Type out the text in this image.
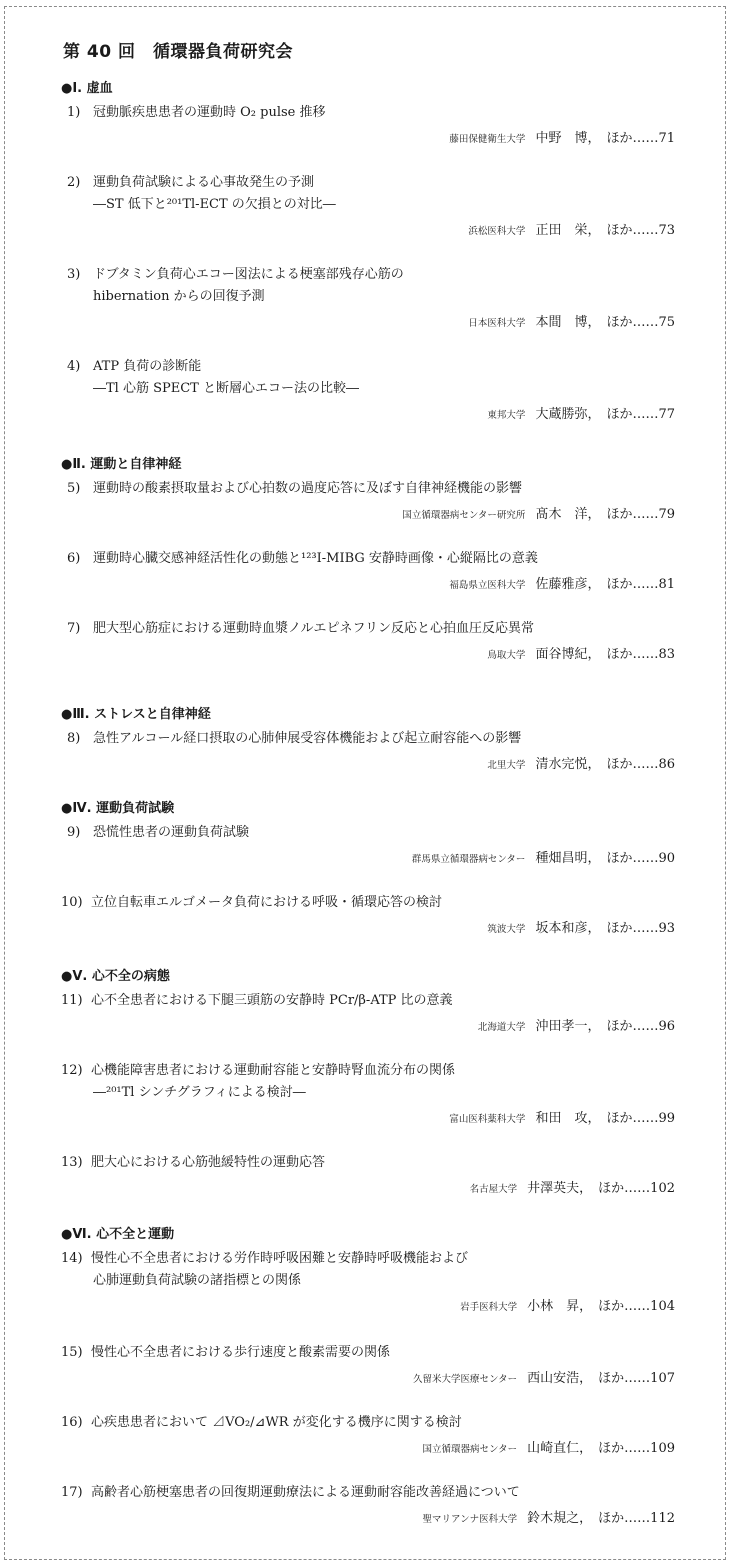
第 40 回　循環器負荷研究会
●Ⅰ. 虚血
1) 冠動脈疾患患者の運動時 O₂ pulse 推移
藤田保健衛生大学 中野　博， ほか……71
2) 運動負荷試験による心事故発生の予測
―ST 低下と²⁰¹Tl-ECT の欠損との対比―
浜松医科大学 正田　栄， ほか……73
3) ドブタミン負荷心エコー図法による梗塞部残存心筋の
hibernation からの回復予測
日本医科大学 本間　博， ほか……75
4) ATP 負荷の診断能
―Tl 心筋 SPECT と断層心エコー法の比較―
東邦大学 大蔵勝弥， ほか……77
●Ⅱ. 運動と自律神経
5) 運動時の酸素摂取量および心拍数の過度応答に及ぼす自律神経機能の影響
国立循環器病センター研究所 髙木　洋， ほか……79
6) 運動時心臓交感神経活性化の動態と¹²³I-MIBG 安静時画像・心縦隔比の意義
福島県立医科大学 佐藤雅彦， ほか……81
7) 肥大型心筋症における運動時血漿ノルエピネフリン反応と心拍血圧反応異常
鳥取大学 面谷博紀， ほか……83
●Ⅲ. ストレスと自律神経
8) 急性アルコール経口摂取の心肺伸展受容体機能および起立耐容能への影響
北里大学 清水完悦， ほか……86
●Ⅳ. 運動負荷試験
9) 恐慌性患者の運動負荷試験
群馬県立循環器病センター 種畑昌明， ほか……90
10) 立位自転車エルゴメータ負荷における呼吸・循環応答の検討
筑波大学 坂本和彦， ほか……93
●Ⅴ. 心不全の病態
11) 心不全患者における下腿三頭筋の安静時 PCr/β-ATP 比の意義
北海道大学 沖田孝一， ほか……96
12) 心機能障害患者における運動耐容能と安静時腎血流分布の関係
―²⁰¹Tl シンチグラフィによる検討―
富山医科薬科大学 和田　攻， ほか……99
13) 肥大心における心筋弛緩特性の運動応答
名古屋大学 井澤英夫， ほか……102
●Ⅵ. 心不全と運動
14) 慢性心不全患者における労作時呼吸困難と安静時呼吸機能および
心肺運動負荷試験の諸指標との関係
岩手医科大学 小林　昇， ほか……104
15) 慢性心不全患者における歩行速度と酸素需要の関係
久留米大学医療センター 西山安浩， ほか……107
16) 心疾患患者において ⊿VO₂/⊿WR が変化する機序に関する検討
国立循環器病センター 山崎直仁， ほか……109
17) 高齢者心筋梗塞患者の回復期運動療法による運動耐容能改善経過について
聖マリアンナ医科大学 鈴木規之， ほか……112
